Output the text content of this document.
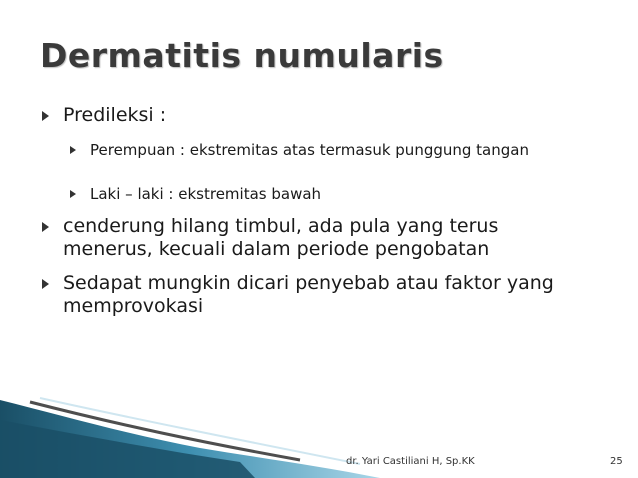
Dermatitis numularis
Predileksi :
Perempuan : ekstremitas atas termasuk punggung tangan
Laki – laki : ekstremitas bawah
cenderung hilang timbul, ada pula yang terus menerus, kecuali dalam periode pengobatan
Sedapat mungkin dicari penyebab atau faktor yang memprovokasi
dr. Yari Castiliani H, Sp.KK	25
